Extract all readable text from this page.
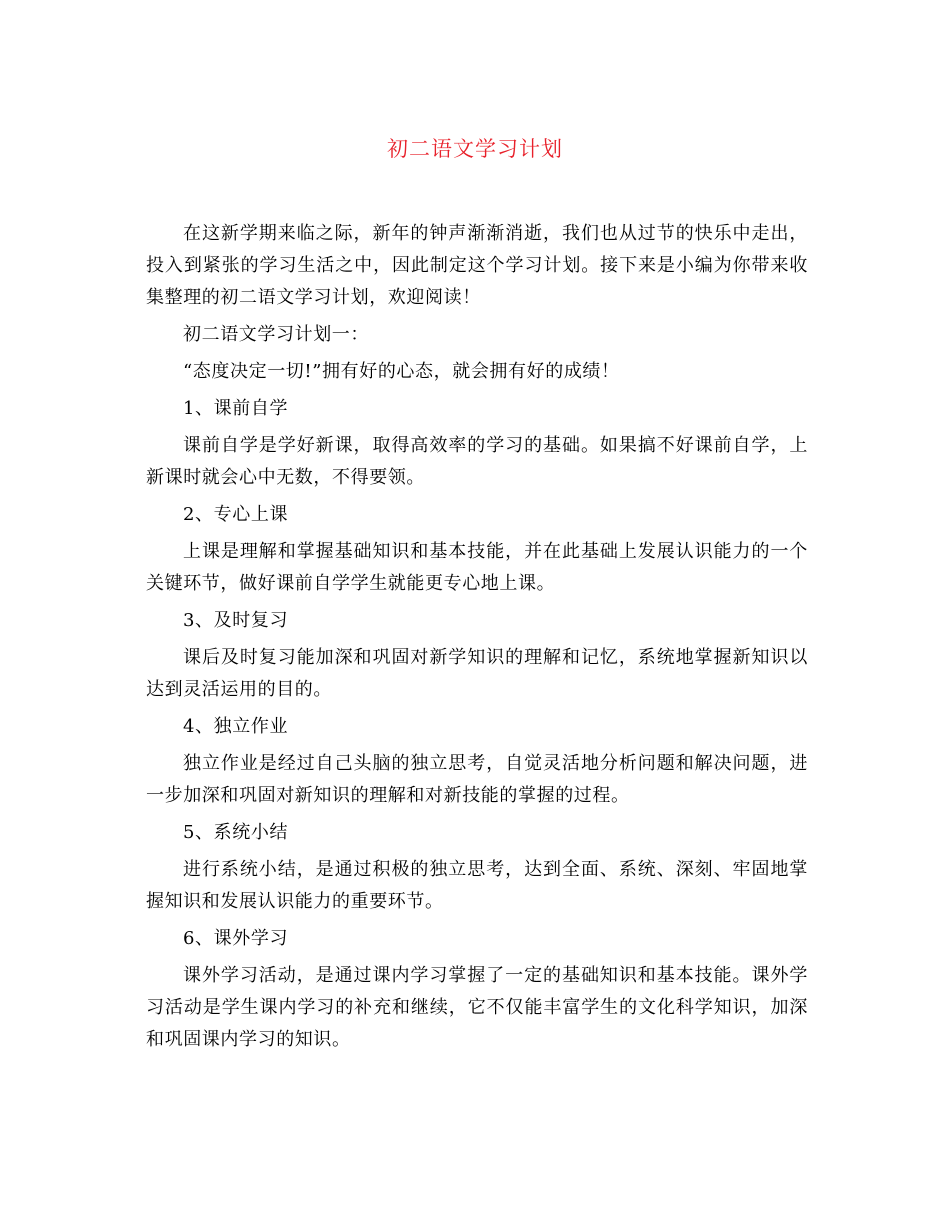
初二语文学习计划

在这新学期来临之际，新年的钟声渐渐消逝，我们也从过节的快乐中走出，投入到紧张的学习生活之中，因此制定这个学习计划。接下来是小编为你带来收集整理的初二语文学习计划，欢迎阅读！

初二语文学习计划一：

“态度决定一切!”拥有好的心态，就会拥有好的成绩！

1、课前自学

课前自学是学好新课，取得高效率的学习的基础。如果搞不好课前自学，上新课时就会心中无数，不得要领。

2、专心上课

上课是理解和掌握基础知识和基本技能，并在此基础上发展认识能力的一个关键环节，做好课前自学学生就能更专心地上课。

3、及时复习

课后及时复习能加深和巩固对新学知识的理解和记忆，系统地掌握新知识以达到灵活运用的目的。

4、独立作业

独立作业是经过自己头脑的独立思考，自觉灵活地分析问题和解决问题，进一步加深和巩固对新知识的理解和对新技能的掌握的过程。

5、系统小结

进行系统小结，是通过积极的独立思考，达到全面、系统、深刻、牢固地掌握知识和发展认识能力的重要环节。

6、课外学习

课外学习活动，是通过课内学习掌握了一定的基础知识和基本技能。课外学习活动是学生课内学习的补充和继续，它不仅能丰富学生的文化科学知识，加深和巩固课内学习的知识。
